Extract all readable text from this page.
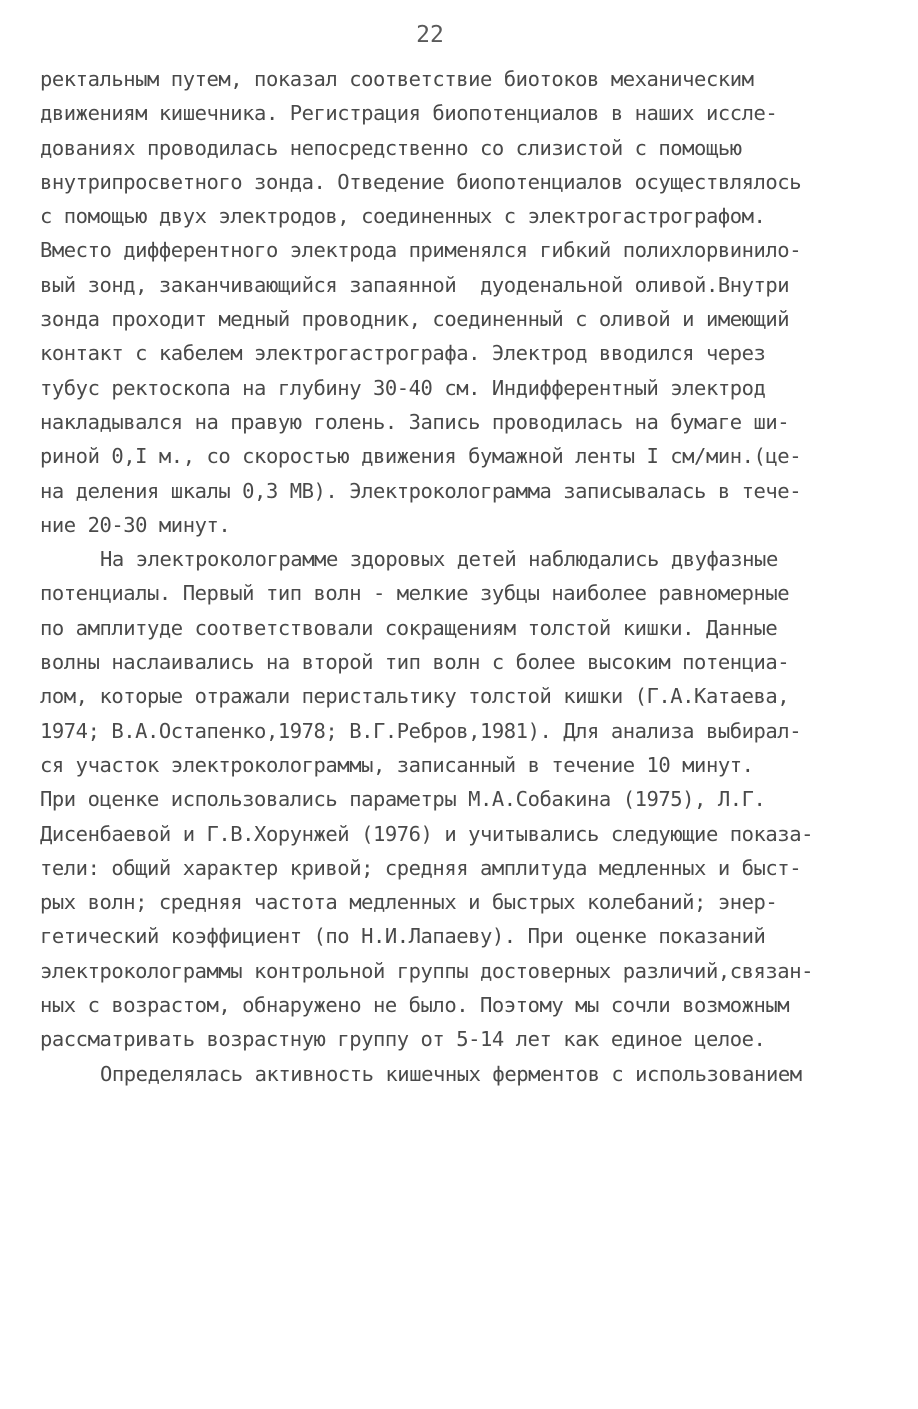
22
ректальным путем, показал соответствие биотоков механическим
движениям кишечника. Регистрация биопотенциалов в наших иссле-
дованиях проводилась непосредственно со слизистой с помощью
внутрипросветного зонда. Отведение биопотенциалов осуществлялось
с помощью двух электродов, соединенных с электрогастрографом.
Вместо дифферентного электрода применялся гибкий полихлорвинило-
вый зонд, заканчивающийся запаянной  дуоденальной оливой.Внутри
зонда проходит медный проводник, соединенный с оливой и имеющий
контакт с кабелем электрогастрографа. Электрод вводился через
тубус ректоскопа на глубину 30-40 см. Индифферентный электрод
накладывался на правую голень. Запись проводилась на бумаге ши-
риной 0,I м., со скоростью движения бумажной ленты I см/мин.(це-
на деления шкалы 0,3 МВ). Электрокологрaмма записывалась в тече-
ние 20-30 минут.
На электрокологрaмме здоровых детей наблюдались двуфазные
потенциалы. Первый тип волн - мелкие зубцы наиболее равномерные
по амплитуде соответствовали сокращениям толстой кишки. Данные
волны наслаивались на второй тип волн с более высоким потенциа-
лом, которые отражали перистальтику толстой кишки (Г.А.Катаева,
1974; В.А.Остапенко,1978; В.Г.Ребров,1981). Для анализа выбирал-
ся участок электроколограммы, записанный в течение 10 минут.
При оценке использовались параметры М.А.Собакина (1975), Л.Г.
Дисенбаевой и Г.В.Хорунжей (1976) и учитывались следующие показа-
тели: общий характер кривой; средняя амплитуда медленных и быст-
рых волн; средняя частота медленных и быстрых колебаний; энер-
гетический коэффициент (по Н.И.Лапаеву). При оценке показаний
электроколограммы контрольной группы достоверных различий,связан-
ных с возрастом, обнаружено не было. Поэтому мы сочли возможным
рассматривать возрастную группу от 5-14 лет как единое целое.
Определялась активность кишечных ферментов с использованием
